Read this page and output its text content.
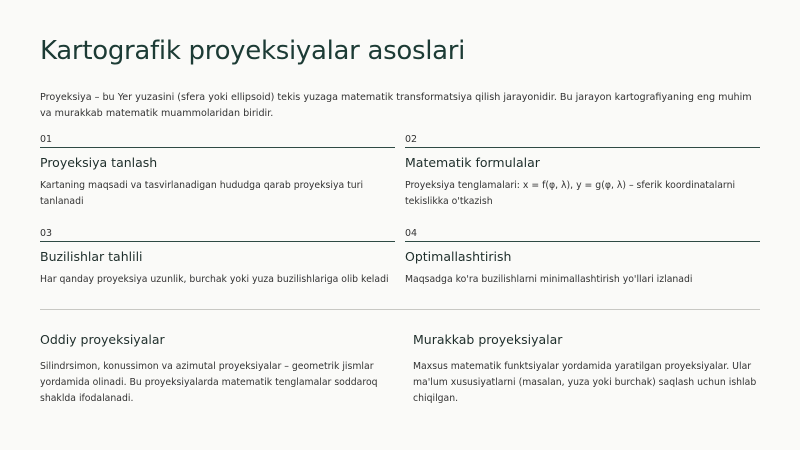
Kartografik proyeksiyalar asoslari

Proyeksiya – bu Yer yuzasini (sfera yoki ellipsoid) tekis yuzaga matematik transformatsiya qilish jarayonidir. Bu jarayon kartografiyaning eng muhim va murakkab matematik muammolaridan biridir.

01
Proyeksiya tanlash
Kartaning maqsadi va tasvirlanadigan hududga qarab proyeksiya turi tanlanadi
02
Matematik formulalar
Proyeksiya tenglamalari: x = f(φ, λ), y = g(φ, λ) – sferik koordinatalarni tekislikka o'tkazish
03
Buzilishlar tahlili
Har qanday proyeksiya uzunlik, burchak yoki yuza buzilishlariga olib keladi
04
Optimallashtirish
Maqsadga ko'ra buzilishlarni minimallashtirish yo'llari izlanadi
Oddiy proyeksiyalar
Silindrsimon, konussimon va azimutal proyeksiyalar – geometrik jismlar yordamida olinadi. Bu proyeksiyalarda matematik tenglamalar soddaroq shaklda ifodalanadi.
Murakkab proyeksiyalar
Maxsus matematik funktsiyalar yordamida yaratilgan proyeksiyalar. Ular ma'lum xususiyatlarni (masalan, yuza yoki burchak) saqlash uchun ishlab chiqilgan.
